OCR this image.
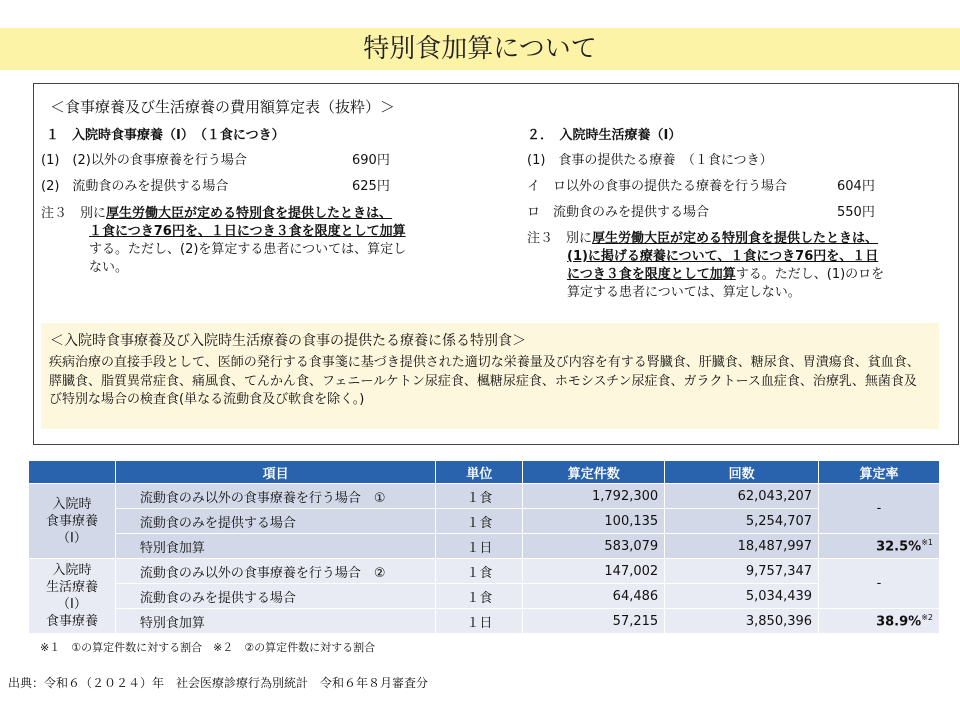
特別食加算について
＜食事療養及び生活療養の費用額算定表（抜粋）＞
１　入院時食事療養（Ⅰ）　（１食につき）
(1)　(2)以外の食事療養を行う場合	690円
(2)　流動食のみを提供する場合	625円
注３　別に厚生労働大臣が定める特別食を提供したときは、
１食につき76円を、１日につき３食を限度として加算
する。ただし、(2)を算定する患者については、算定し
ない。
２．　入院時生活療養（Ⅰ）
(1)　食事の提供たる療養　（１食につき）
イ　ロ以外の食事の提供たる療養を行う場合	604円
ロ　流動食のみを提供する場合	550円
注３　別に厚生労働大臣が定める特別食を提供したときは、
(1)に掲げる療養について、１食につき76円を、１日
につき３食を限度として加算する。ただし、(1)のロを
算定する患者については、算定しない。
＜入院時食事療養及び入院時生活療養の食事の提供たる療養に係る特別食＞
疾病治療の直接手段として、医師の発行する食事箋に基づき提供された適切な栄養量及び内容を有する腎臓食、肝臓食、糖尿食、胃潰瘍食、貧血食、膵臓食、脂質異常症食、痛風食、てんかん食、フェニールケトン尿症食、楓糖尿症食、ホモシスチン尿症食、ガラクトース血症食、治療乳、無菌食及び特別な場合の検査食(単なる流動食及び軟食を除く。)
	項目	単位	算定件数	回数	算定率
入院時
食事療養
（Ⅰ）	流動食のみ以外の食事療養を行う場合　①	１食	1,792,300	62,043,207	-
	流動食のみを提供する場合	１食	100,135	5,254,707	
	特別食加算	１日	583,079	18,487,997	32.5%$^{※1}$
入院時
生活療養
（Ⅰ）
食事療養	流動食のみ以外の食事療養を行う場合　②	１食	147,002	9,757,347	-
	流動食のみを提供する場合	１食	64,486	5,034,439	
	特別食加算	１日	57,215	3,850,396	38.9%$^{※2}$
※１　①の算定件数に対する割合　※２　②の算定件数に対する割合
出典：令和６（２０２４）年　社会医療診療行為別統計　令和６年８月審査分
